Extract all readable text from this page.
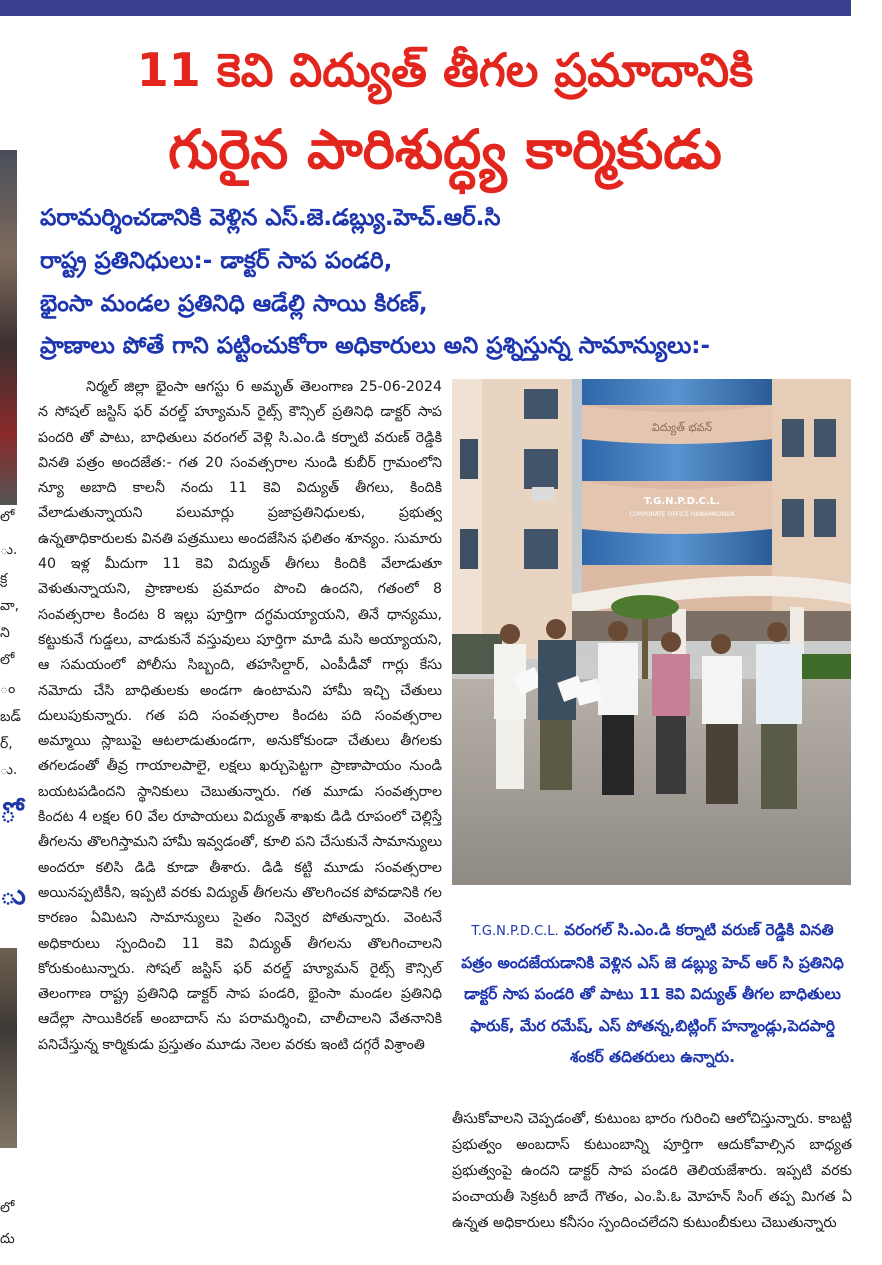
లో
ు.
క్ర
వా,
ని
లో
ం
బడ్
ర్,
ు.
ో
ు
లో
దు
11 కెవి విద్యుత్ తీగల ప్రమాదానికి
గురైన పారిశుద్ధ్య కార్మికుడు
పరామర్శించడానికి వెళ్లిన ఎస్.జె.డబ్ల్యు.హెచ్.ఆర్.సి
రాష్ట్ర ప్రతినిధులు:- డాక్టర్ సాప పండరి,
భైంసా మండల ప్రతినిధి ఆడేల్లి సాయి కిరణ్,
ప్రాణాలు పోతే గాని పట్టించుకోరా అధికారులు అని ప్రశ్నిస్తున్న సామాన్యులు:-

నిర్మల్ జిల్లా భైంసా ఆగస్టు 6 అమృత్ తెలంగాణ 25-06-2024 న సోషల్ జస్టిస్ ఫర్ వరల్డ్ హ్యూమన్ రైట్స్ కౌన్సిల్ ప్రతినిధి డాక్టర్ సాప పందరి తో పాటు, బాధితులు వరంగల్ వెళ్లి సి.ఎం.డి కర్నాటి వరుణ్ రెడ్డికి వినతి పత్రం అందజేత:- గత 20 సంవత్సరాల నుండి కుబీర్ గ్రామంలోని న్యూ అబాది కాలనీ నందు 11 కెవి విద్యుత్ తీగలు, కిందికి వేలాడుతున్నాయని పలుమార్లు ప్రజాప్రతినిధులకు, ప్రభుత్వ ఉన్నతాధికారులకు వినతి పత్రములు అందజేసిన ఫలితం శూన్యం. సుమారు 40 ఇళ్ల మీదుగా 11 కెవి విద్యుత్ తీగలు కిందికి వేలాడుతూ వెళుతున్నాయని, ప్రాణాలకు ప్రమాదం పొంచి ఉందని, గతంలో 8 సంవత్సరాల కిందట 8 ఇల్లు పూర్తిగా దగ్ధమయ్యాయని, తినే ధాన్యము, కట్టుకునే గుడ్డలు, వాడుకునే వస్తువులు పూర్తిగా మాడి మసి అయ్యాయని, ఆ సమయంలో పోలీసు సిబ్బంది, తహసిల్దార్, ఎంపీడీవో గార్లు కేసు నమోదు చేసి బాధితులకు అండగా ఉంటామని హామీ ఇచ్చి చేతులు దులుపుకున్నారు. గత పది సంవత్సరాల కిందట పది సంవత్సరాల అమ్మాయి స్లాబుపై ఆటలాడుతుండగా, అనుకోకుండా చేతులు తీగలకు తగలడంతో తీవ్ర గాయాలపాలై, లక్షలు ఖర్చుపెట్టగా ప్రాణాపాయం నుండి బయటపడిందని స్థానికులు చెబుతున్నారు. గత మూడు సంవత్సరాల కిందట 4 లక్షల 60 వేల రూపాయలు విద్యుత్ శాఖకు డిడి రూపంలో చెల్లిస్తే తీగలను తొలగిస్తామని హామీ ఇవ్వడంతో, కూలి పని చేసుకునే సామాన్యులు అందరూ కలిసి డిడి కూడా తీశారు. డిడి కట్టి మూడు సంవత్సరాల అయినప్పటికీని, ఇప్పటి వరకు విద్యుత్ తీగలను తొలగించక పోవడానికి గల కారణం ఏమిటని సామాన్యులు సైతం నివ్వెర పోతున్నారు. వెంటనే అధికారులు స్పందించి 11 కెవి విద్యుత్ తీగలను తొలగించాలని కోరుకుంటున్నారు. సోషల్ జస్టిస్ ఫర్ వరల్డ్ హ్యూమన్ రైట్స్ కౌన్సిల్ తెలంగాణ రాష్ట్ర ప్రతినిధి డాక్టర్ సాప పండరి, భైంసా మండల ప్రతినిధి ఆదేల్లా సాయికిరణ్ అంబాదాస్ ను పరామర్శించి, చాలీచాలని వేతనానికి పనిచేస్తున్న కార్మికుడు ప్రస్తుతం మూడు నెలల వరకు ఇంటి దగ్గరే విశ్రాంతి

విద్యుత్ భవన్
T.G.N.P.D.C.L.
CORPORATE OFFICE HANAMKONDA
T.G.N.P.D.C.L. వరంగల్ సి.ఎం.డి కర్నాటి వరుణ్ రెడ్డికి వినతి పత్రం అందజేయడానికి వెళ్లిన ఎస్ జె డబ్ల్యు హెచ్ ఆర్ సి ప్రతినిధి డాక్టర్ సాప పండరి తో పాటు 11 కెవి విద్యుత్ తీగల బాధితులు ఫారుక్, మేర రమేష్, ఎస్ పోతన్న,బిట్లింగ్ హన్మాండ్లు,పెదపార్డి శంకర్ తదితరులు ఉన్నారు.
తీసుకోవాలని చెప్పడంతో, కుటుంబ భారం గురించి ఆలోచిస్తున్నారు. కాబట్టి ప్రభుత్వం అంబదాస్ కుటుంబాన్ని పూర్తిగా ఆదుకోవాల్సిన బాధ్యత ప్రభుత్వంపై ఉందని డాక్టర్ సాప పండరి తెలియజేశారు. ఇప్పటి వరకు పంచాయతీ సెక్రటరీ జాదే గౌతం, ఎం.పి.ఓ మోహన్ సింగ్ తప్ప మిగత ఏ ఉన్నత అధికారులు కనీసం స్పందించలేదని కుటుంబీకులు చెబుతున్నారు
